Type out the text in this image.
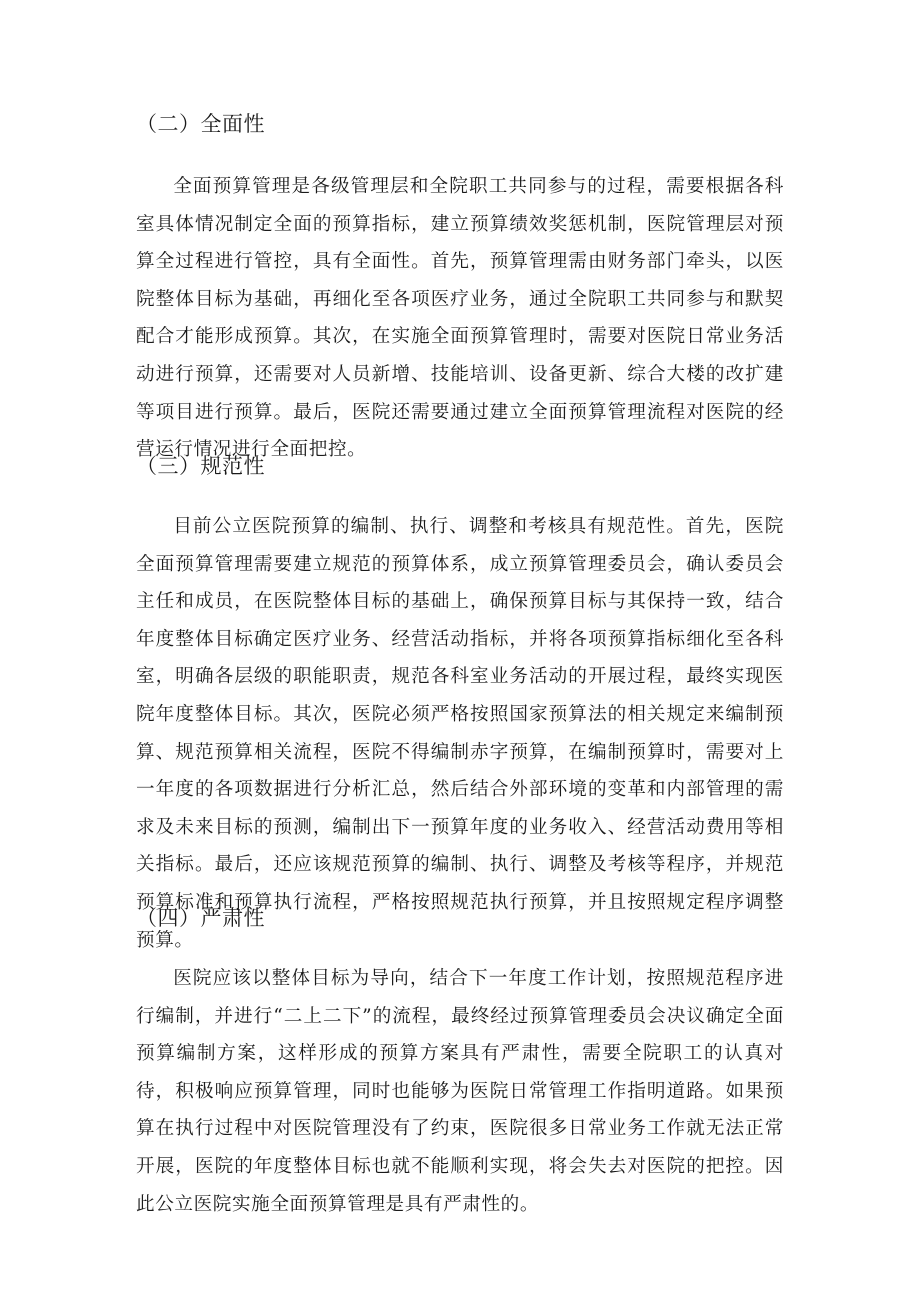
（二）全面性

全面预算管理是各级管理层和全院职工共同参与的过程，需要根据各科室具体情况制定全面的预算指标，建立预算绩效奖惩机制，医院管理层对预算全过程进行管控，具有全面性。首先，预算管理需由财务部门牵头，以医院整体目标为基础，再细化至各项医疗业务，通过全院职工共同参与和默契配合才能形成预算。其次，在实施全面预算管理时，需要对医院日常业务活动进行预算，还需要对人员新增、技能培训、设备更新、综合大楼的改扩建等项目进行预算。最后，医院还需要通过建立全面预算管理流程对医院的经营运行情况进行全面把控。

（三）规范性

目前公立医院预算的编制、执行、调整和考核具有规范性。首先，医院全面预算管理需要建立规范的预算体系，成立预算管理委员会，确认委员会主任和成员，在医院整体目标的基础上，确保预算目标与其保持一致，结合年度整体目标确定医疗业务、经营活动指标，并将各项预算指标细化至各科室，明确各层级的职能职责，规范各科室业务活动的开展过程，最终实现医院年度整体目标。其次，医院必须严格按照国家预算法的相关规定来编制预算、规范预算相关流程，医院不得编制赤字预算，在编制预算时，需要对上一年度的各项数据进行分析汇总，然后结合外部环境的变革和内部管理的需求及未来目标的预测，编制出下一预算年度的业务收入、经营活动费用等相关指标。最后，还应该规范预算的编制、执行、调整及考核等程序，并规范预算标准和预算执行流程，严格按照规范执行预算，并且按照规定程序调整预算。

（四）严肃性

医院应该以整体目标为导向，结合下一年度工作计划，按照规范程序进行编制，并进行“二上二下”的流程，最终经过预算管理委员会决议确定全面预算编制方案，这样形成的预算方案具有严肃性，需要全院职工的认真对待，积极响应预算管理，同时也能够为医院日常管理工作指明道路。如果预算在执行过程中对医院管理没有了约束，医院很多日常业务工作就无法正常开展，医院的年度整体目标也就不能顺利实现，将会失去对医院的把控。因此公立医院实施全面预算管理是具有严肃性的。
